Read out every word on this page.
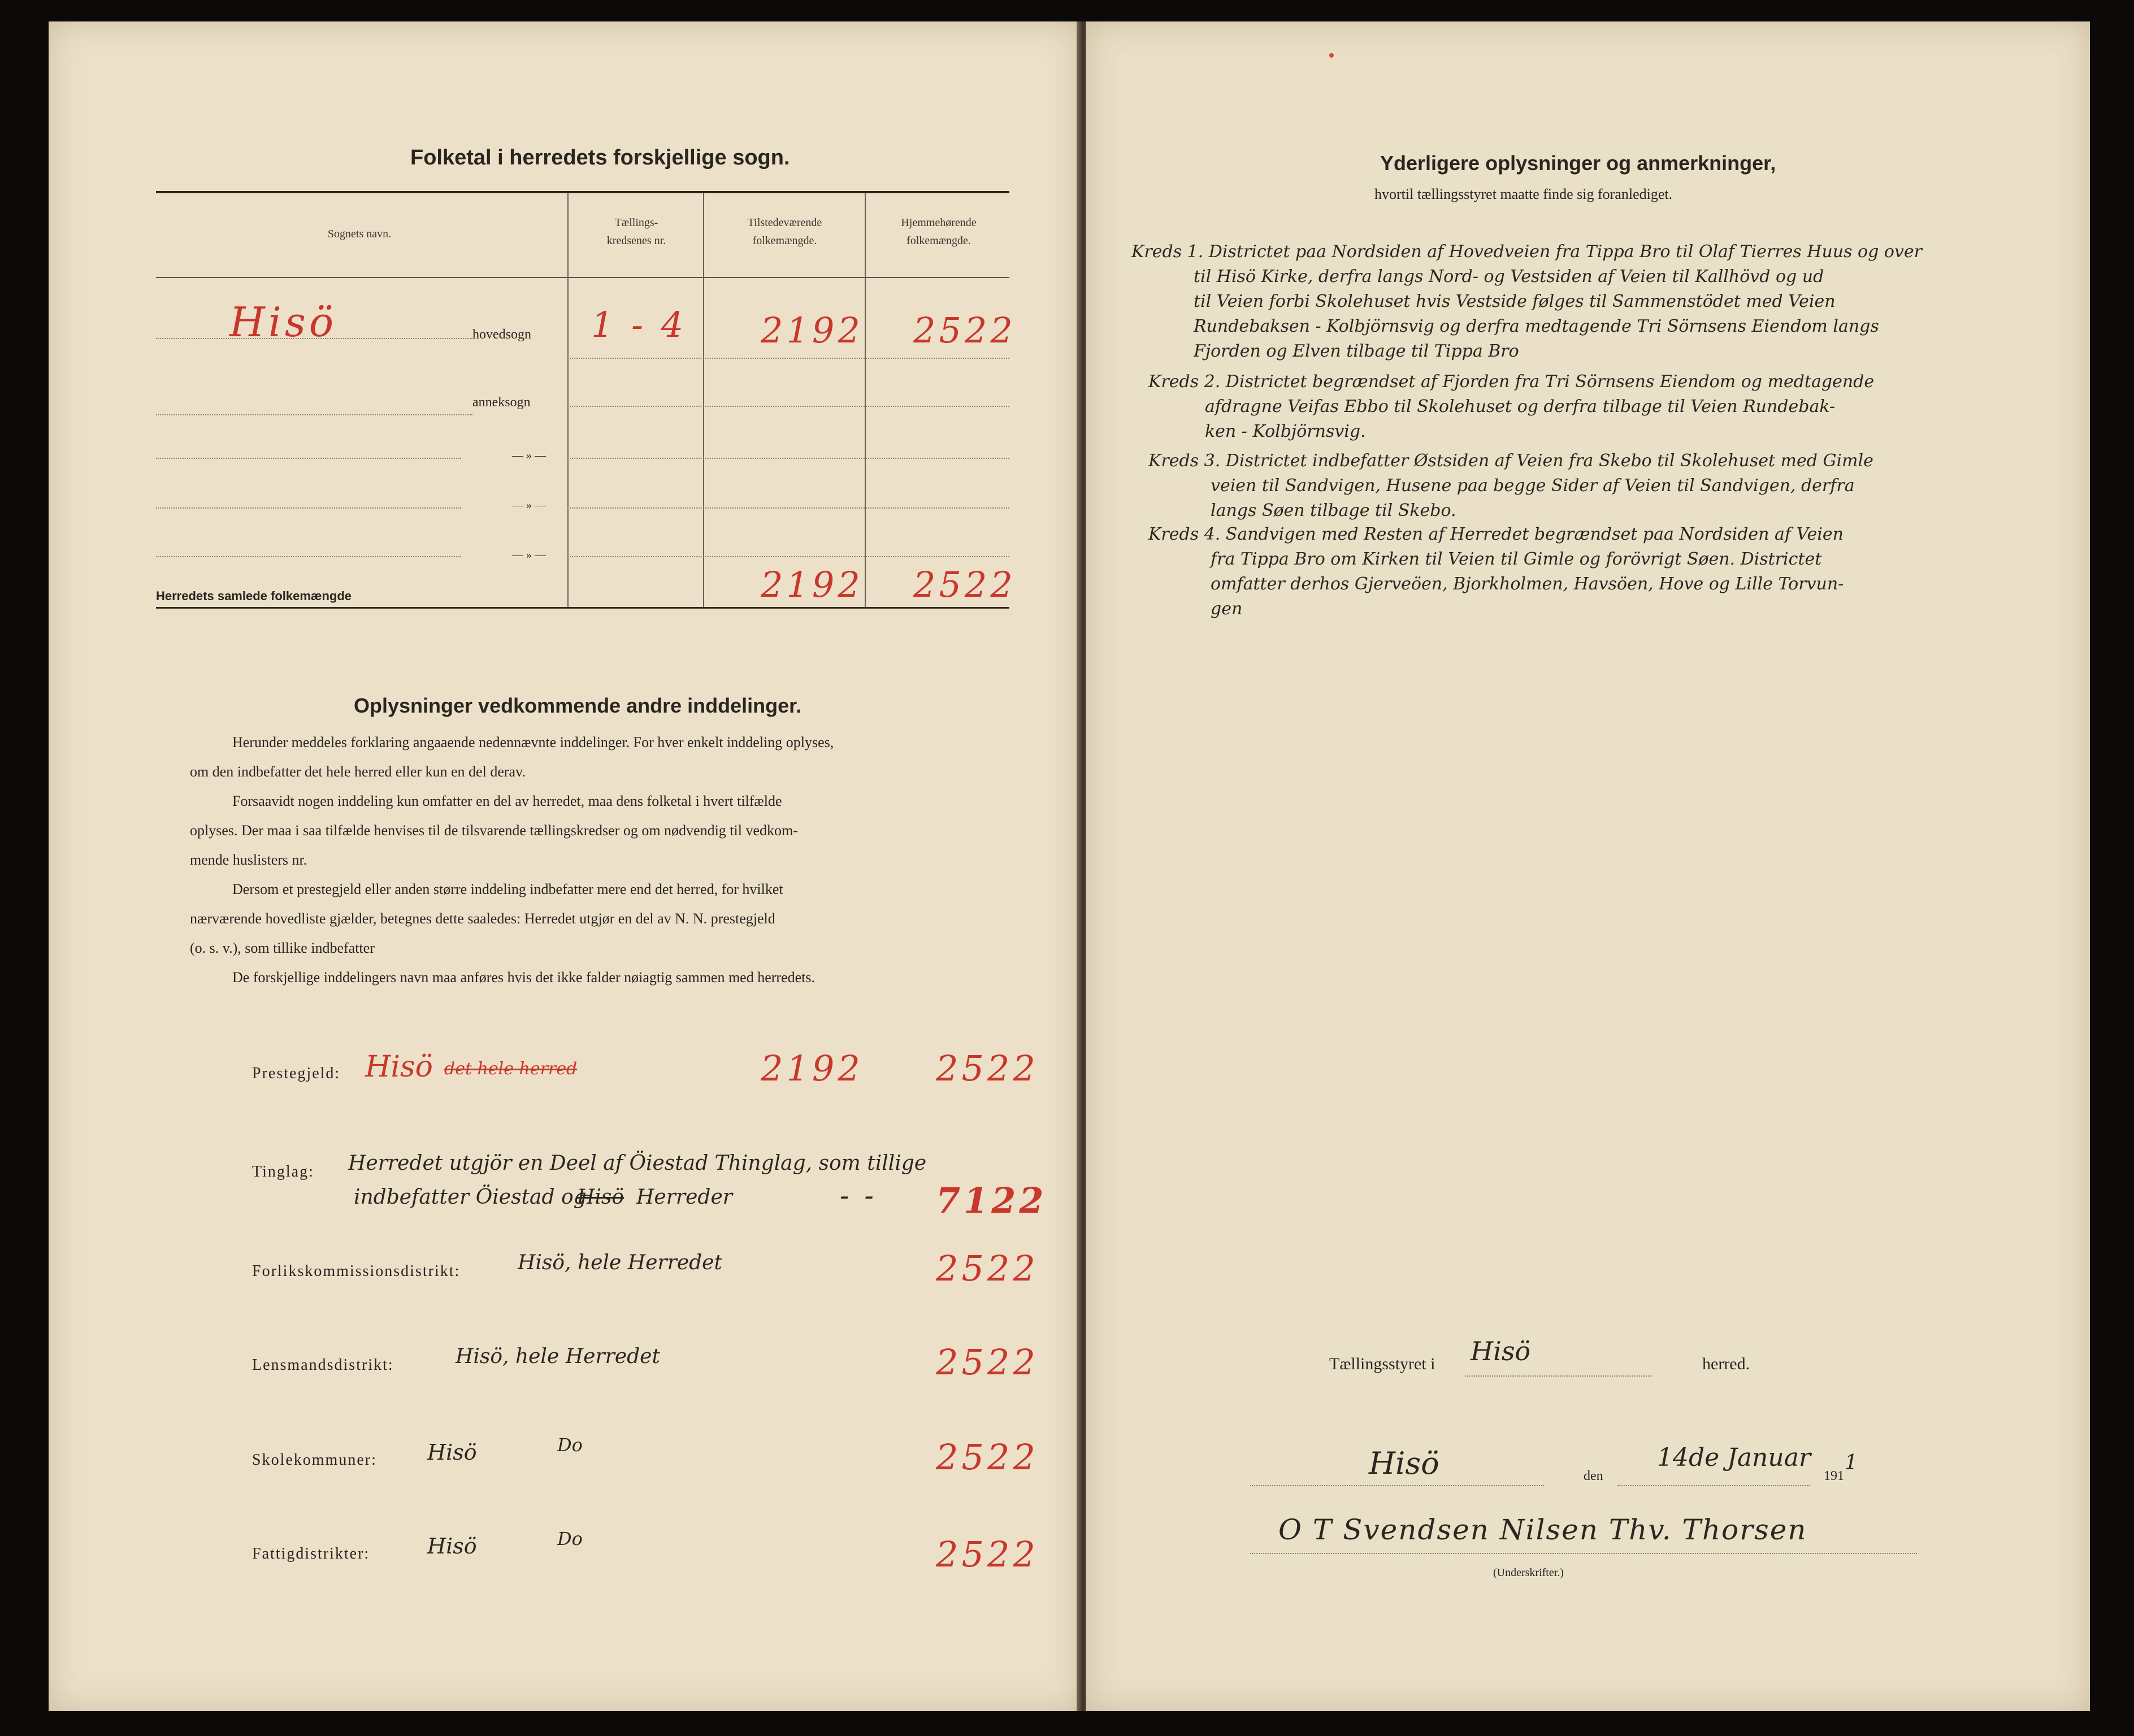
Folketal i herredets forskjellige sogn.
Sognets navn.
Tællings-
kredsenes nr.
Tilstedeværende
folkemængde.
Hjemmehørende
folkemængde.
Hisö	hovedsogn 1 - 4 2192 2522
anneksogn
— » —
— » —
— » —
Herredets samlede folkemængde	2192 2522
Oplysninger vedkommende andre inddelinger.
Herunder meddeles forklaring angaaende nedennævnte inddelinger. For hver enkelt inddeling oplyses,
om den indbefatter det hele herred eller kun en del derav.
Forsaavidt nogen inddeling kun omfatter en del av herredet, maa dens folketal i hvert tilfælde
oplyses. Der maa i saa tilfælde henvises til de tilsvarende tællingskredser og om nødvendig til vedkom-
mende huslisters nr.
Dersom et prestegjeld eller anden større inddeling indbefatter mere end det herred, for hvilket
nærværende hovedliste gjælder, betegnes dette saaledes: Herredet utgjør en del av N. N. prestegjeld
(o. s. v.), som tillike indbefatter
De forskjellige inddelingers navn maa anføres hvis det ikke falder nøiagtig sammen med herredets.
Prestegjeld: Hisö det hele herred	2192 2522
Tinglag: Herredet utgjör en Deel af Öiestad Thinglag, som tillige
indbefatter Öiestad og
Hisö Herreder	- - 7122
Forlikskommissionsdistrikt:	Hisö, hele Herredet	2522
Lensmandsdistrikt:	Hisö, hele Herredet	2522
Skolekommuner: Hisö	Do	2522
Fattigdistrikter:	Hisö	Do	2522
Yderligere oplysninger og anmerkninger,
hvortil tællingsstyret maatte finde sig foranlediget.
Kreds 1. Districtet paa Nordsiden af Hovedveien fra Tippa Bro til Olaf Tierres Huus og over
til Hisö Kirke, derfra langs Nord- og Vestsiden af Veien til Kallhövd og ud
til Veien forbi Skolehuset hvis Vestside følges til Sammenstödet med Veien
Rundebaksen - Kolbjörnsvig og derfra medtagende Tri Sörnsens Eiendom langs
Fjorden og Elven tilbage til Tippa Bro
Kreds 2. Districtet begrændset af Fjorden fra Tri Sörnsens Eiendom og medtagende
afdragne Veifas Ebbo til Skolehuset og derfra tilbage til Veien Rundebak-
ken - Kolbjörnsvig.
Kreds 3. Districtet indbefatter Østsiden af Veien fra Skebo til Skolehuset med Gimle
veien til Sandvigen, Husene paa begge Sider af Veien til Sandvigen, derfra
langs Søen tilbage til Skebo.
Kreds 4. Sandvigen med Resten af Herredet begrændset paa Nordsiden af Veien
fra Tippa Bro om Kirken til Veien til Gimle og forövrigt Søen. Districtet
omfatter derhos Gjerveöen, Bjorkholmen, Havsöen, Hove og Lille Torvun-
gen
Tællingsstyret i Hisö	herred.
Hisö	den
14de Januar
191
1
O T Svendsen Nilsen Thv. Thorsen
(Underskrifter.)
